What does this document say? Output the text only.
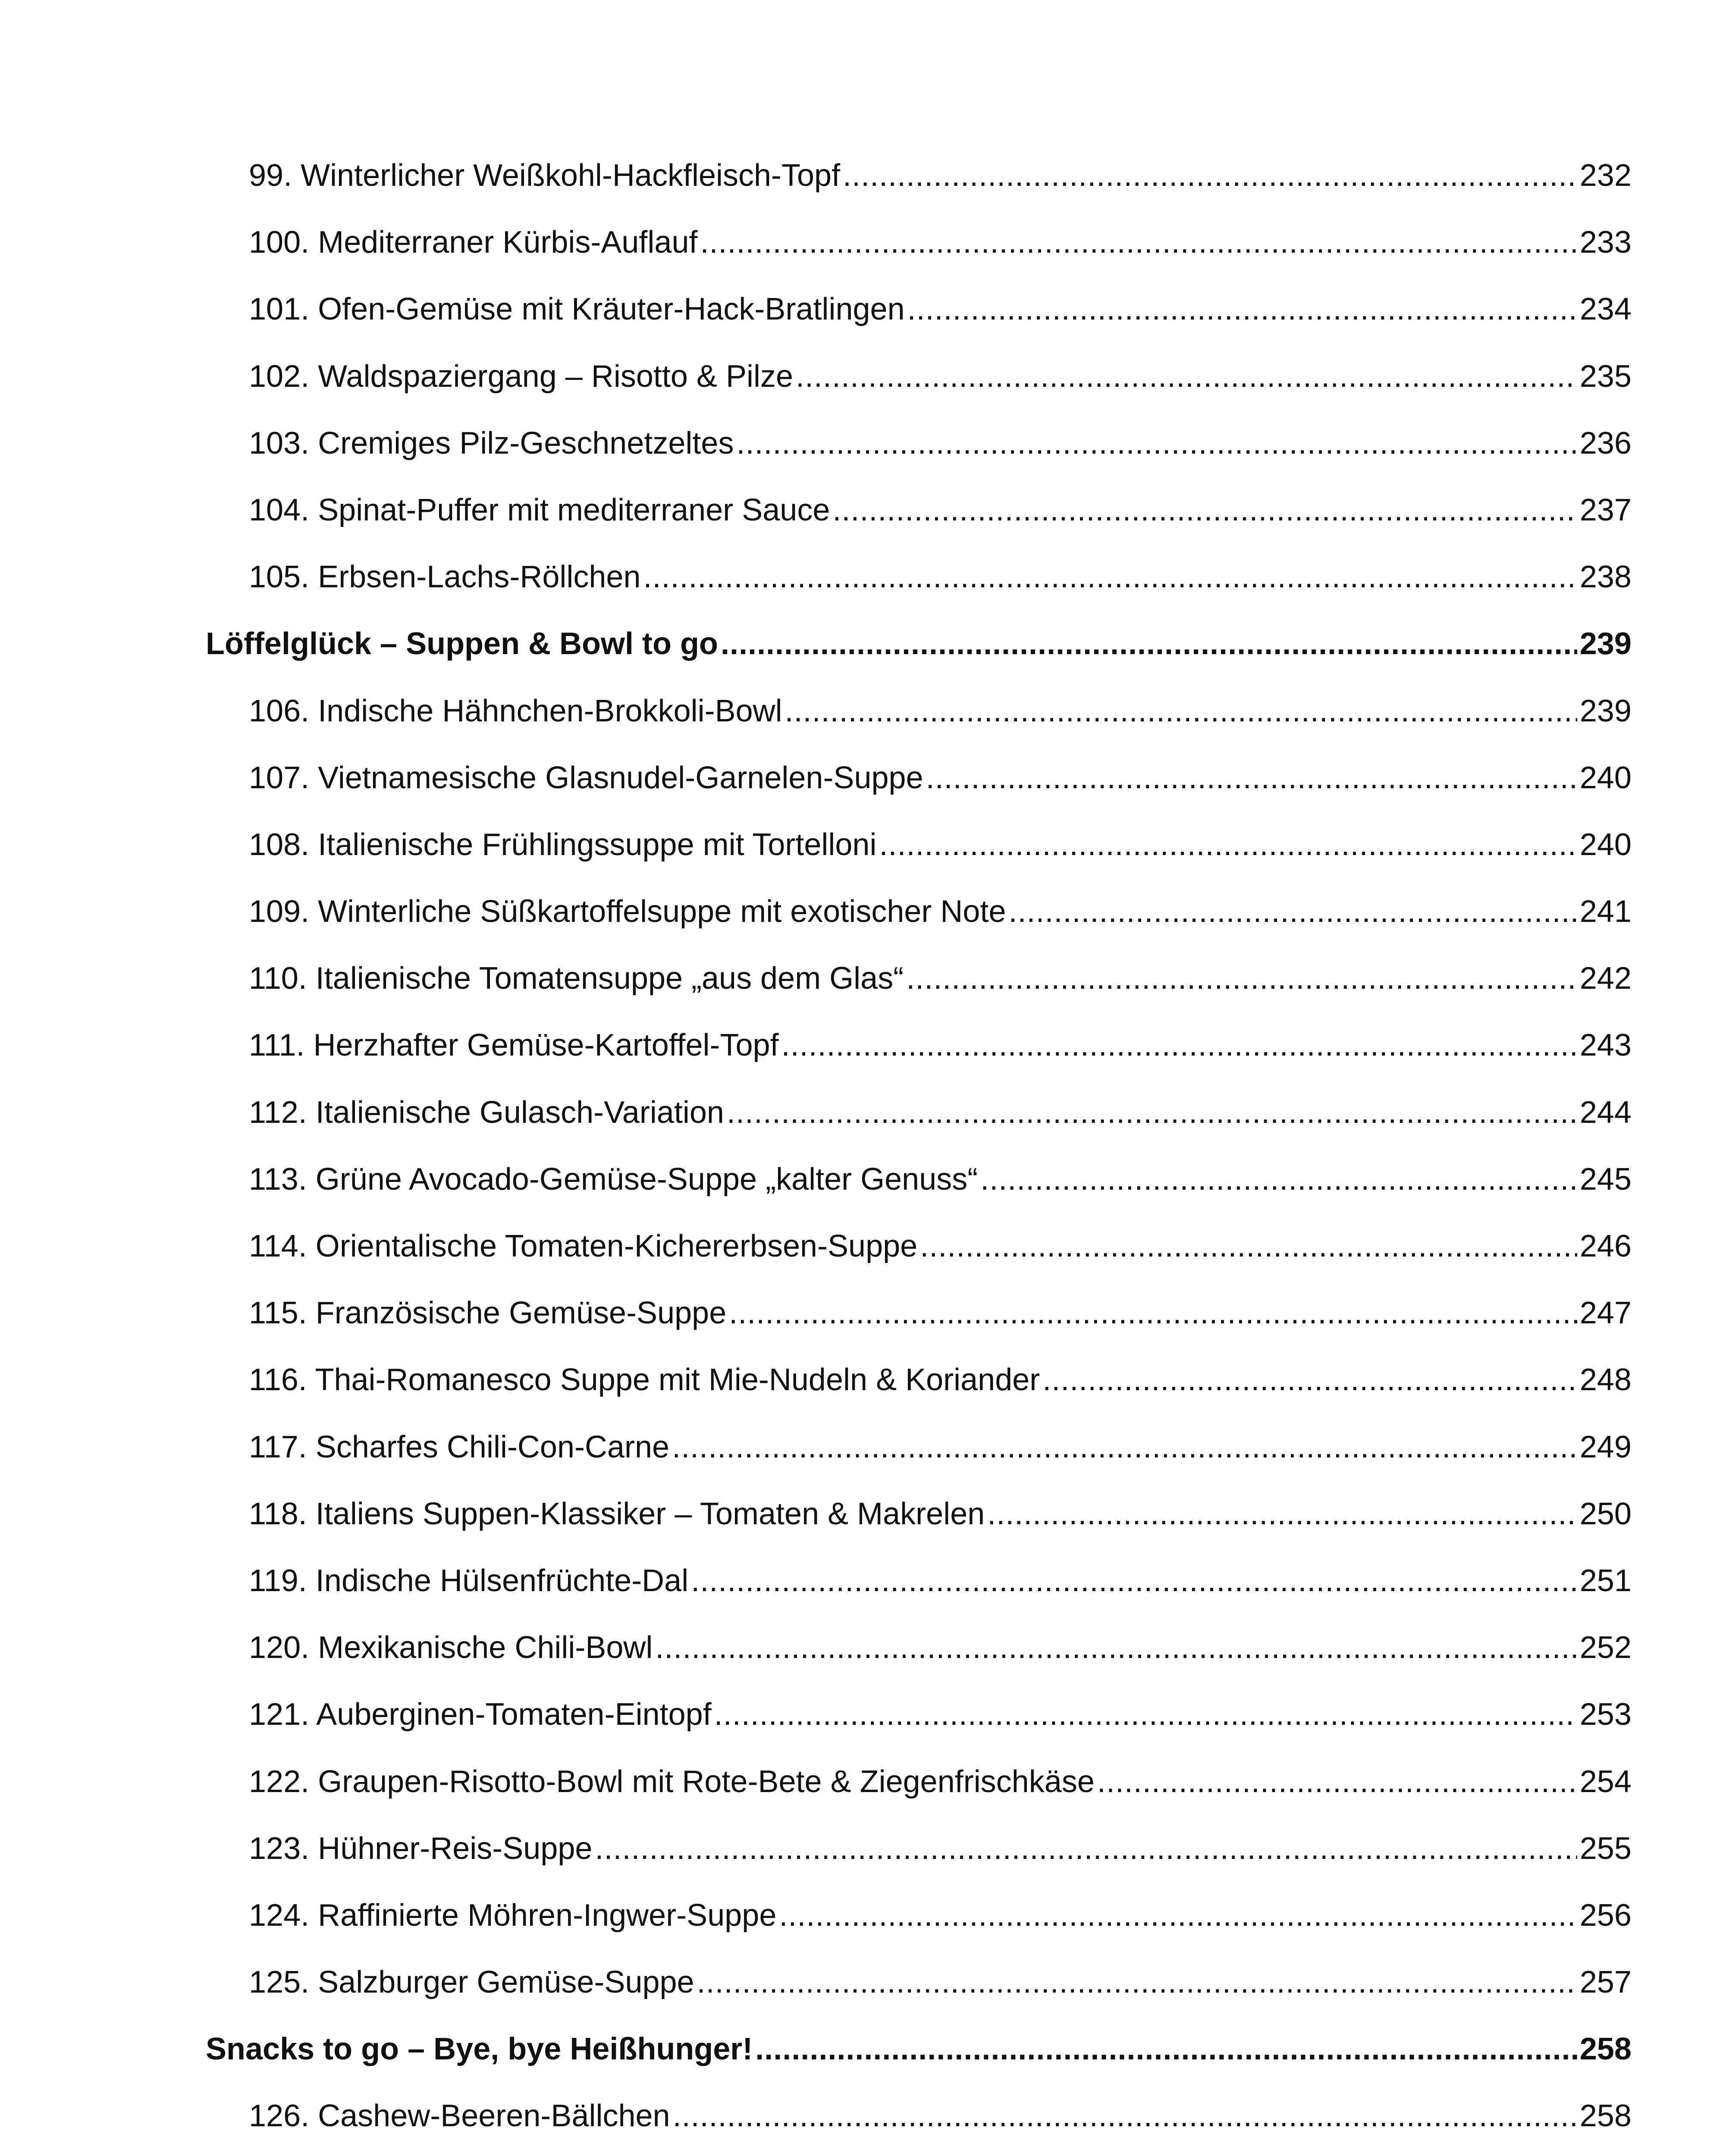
99. Winterlicher Weißkohl-Hackfleisch-Topf .....	232
100. Mediterraner Kürbis-Auflauf .....	233
101. Ofen-Gemüse mit Kräuter-Hack-Bratlingen .....	234
102. Waldspaziergang – Risotto & Pilze .....	235
103. Cremiges Pilz-Geschnetzeltes .....	236
104. Spinat-Puffer mit mediterraner Sauce .....	237
105. Erbsen-Lachs-Röllchen .....	238
Löffelglück – Suppen & Bowl to go .....	239
106. Indische Hähnchen-Brokkoli-Bowl .....	239
107. Vietnamesische Glasnudel-Garnelen-Suppe .....	240
108. Italienische Frühlingssuppe mit Tortelloni .....	240
109. Winterliche Süßkartoffelsuppe mit exotischer Note .....	241
110. Italienische Tomatensuppe „aus dem Glas“ .....	242
111. Herzhafter Gemüse-Kartoffel-Topf .....	243
112. Italienische Gulasch-Variation .....	244
113. Grüne Avocado-Gemüse-Suppe „kalter Genuss“ .....	245
114. Orientalische Tomaten-Kichererbsen-Suppe .....	246
115. Französische Gemüse-Suppe .....	247
116. Thai-Romanesco Suppe mit Mie-Nudeln & Koriander .....	248
117. Scharfes Chili-Con-Carne .....	249
118. Italiens Suppen-Klassiker – Tomaten & Makrelen .....	250
119. Indische Hülsenfrüchte-Dal .....	251
120. Mexikanische Chili-Bowl .....	252
121. Auberginen-Tomaten-Eintopf .....	253
122. Graupen-Risotto-Bowl mit Rote-Bete & Ziegenfrischkäse .....	254
123. Hühner-Reis-Suppe .....	255
124. Raffinierte Möhren-Ingwer-Suppe .....	256
125. Salzburger Gemüse-Suppe .....	257
Snacks to go – Bye, bye Heißhunger! .....	258
126. Cashew-Beeren-Bällchen .....	258
.....
